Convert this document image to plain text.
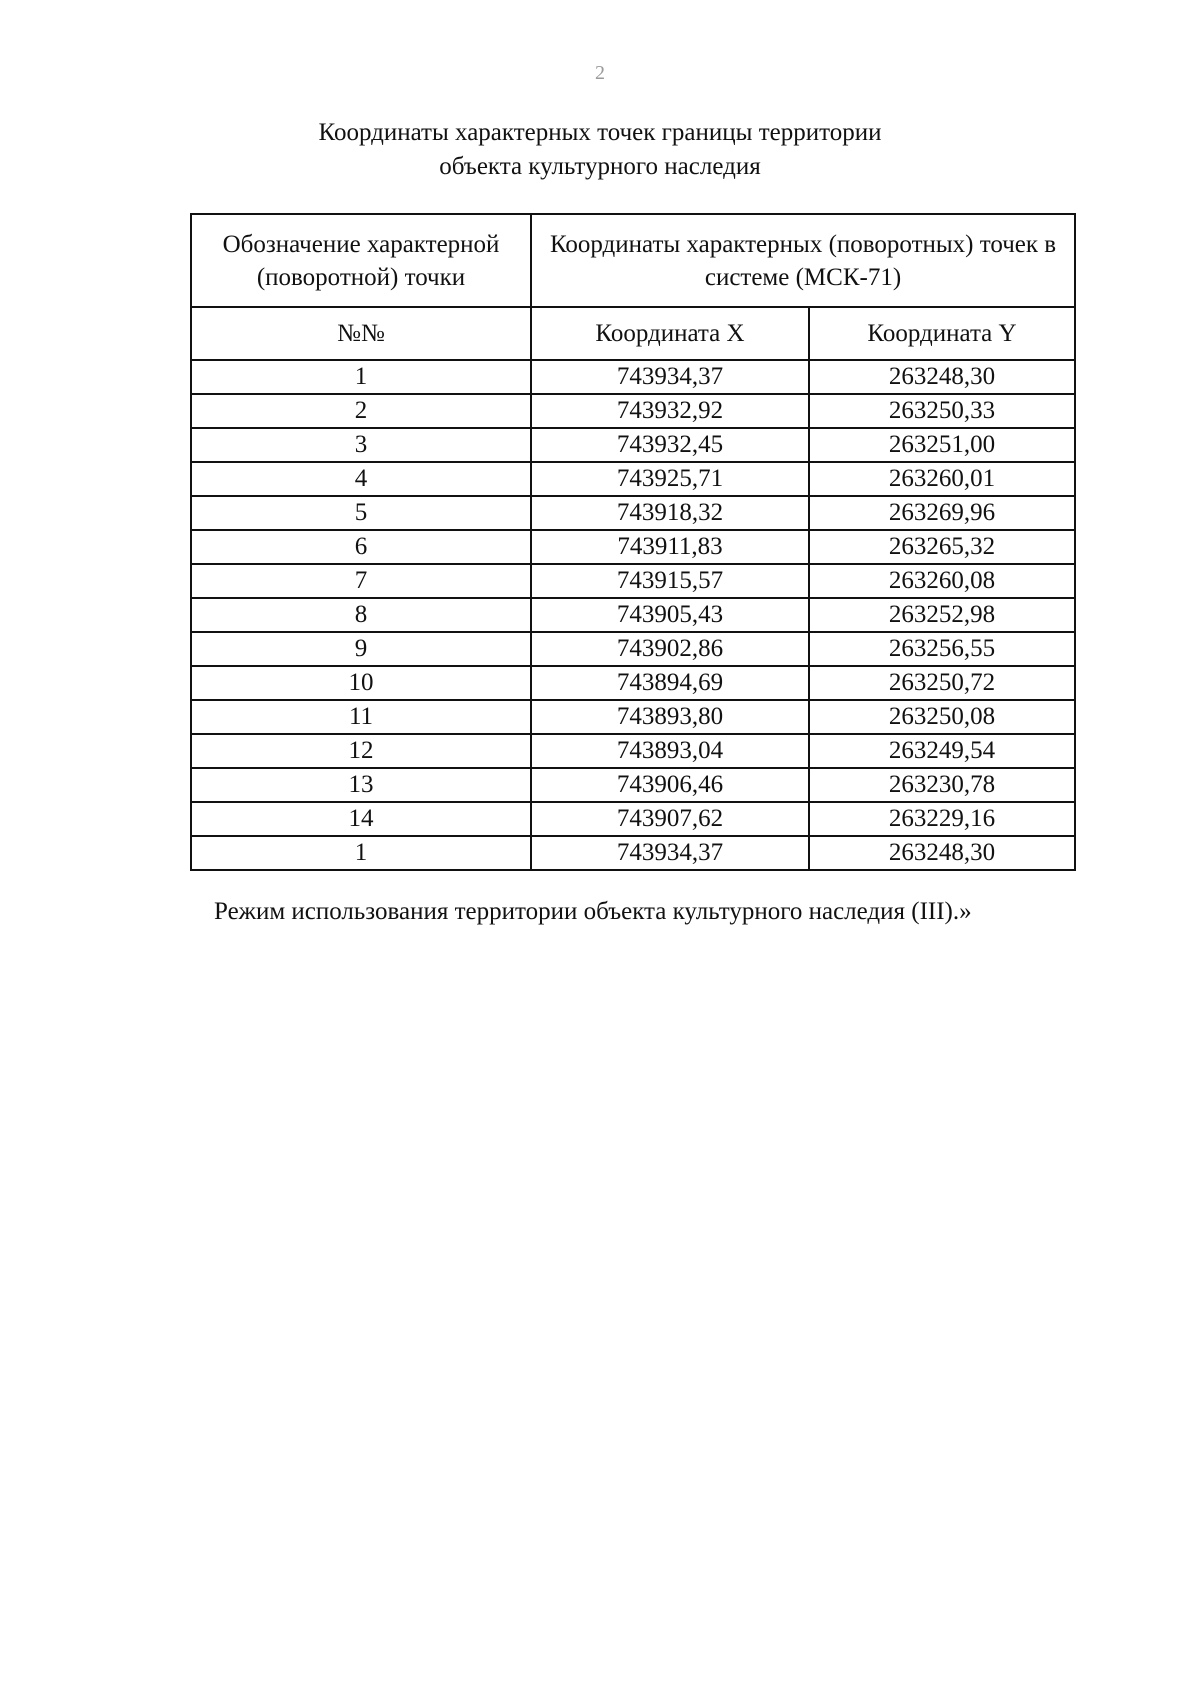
2
Координаты характерных точек границы территории
объекта культурного наследия
Обозначение характерной (поворотной) точки	Координаты характерных (поворотных) точек в системе (МСК-71)	
№№	Координата X	Координата Y
1	743934,37	263248,30
2	743932,92	263250,33
3	743932,45	263251,00
4	743925,71	263260,01
5	743918,32	263269,96
6	743911,83	263265,32
7	743915,57	263260,08
8	743905,43	263252,98
9	743902,86	263256,55
10	743894,69	263250,72
11	743893,80	263250,08
12	743893,04	263249,54
13	743906,46	263230,78
14	743907,62	263229,16
1	743934,37	263248,30
Режим использования территории объекта культурного наследия (III).»
